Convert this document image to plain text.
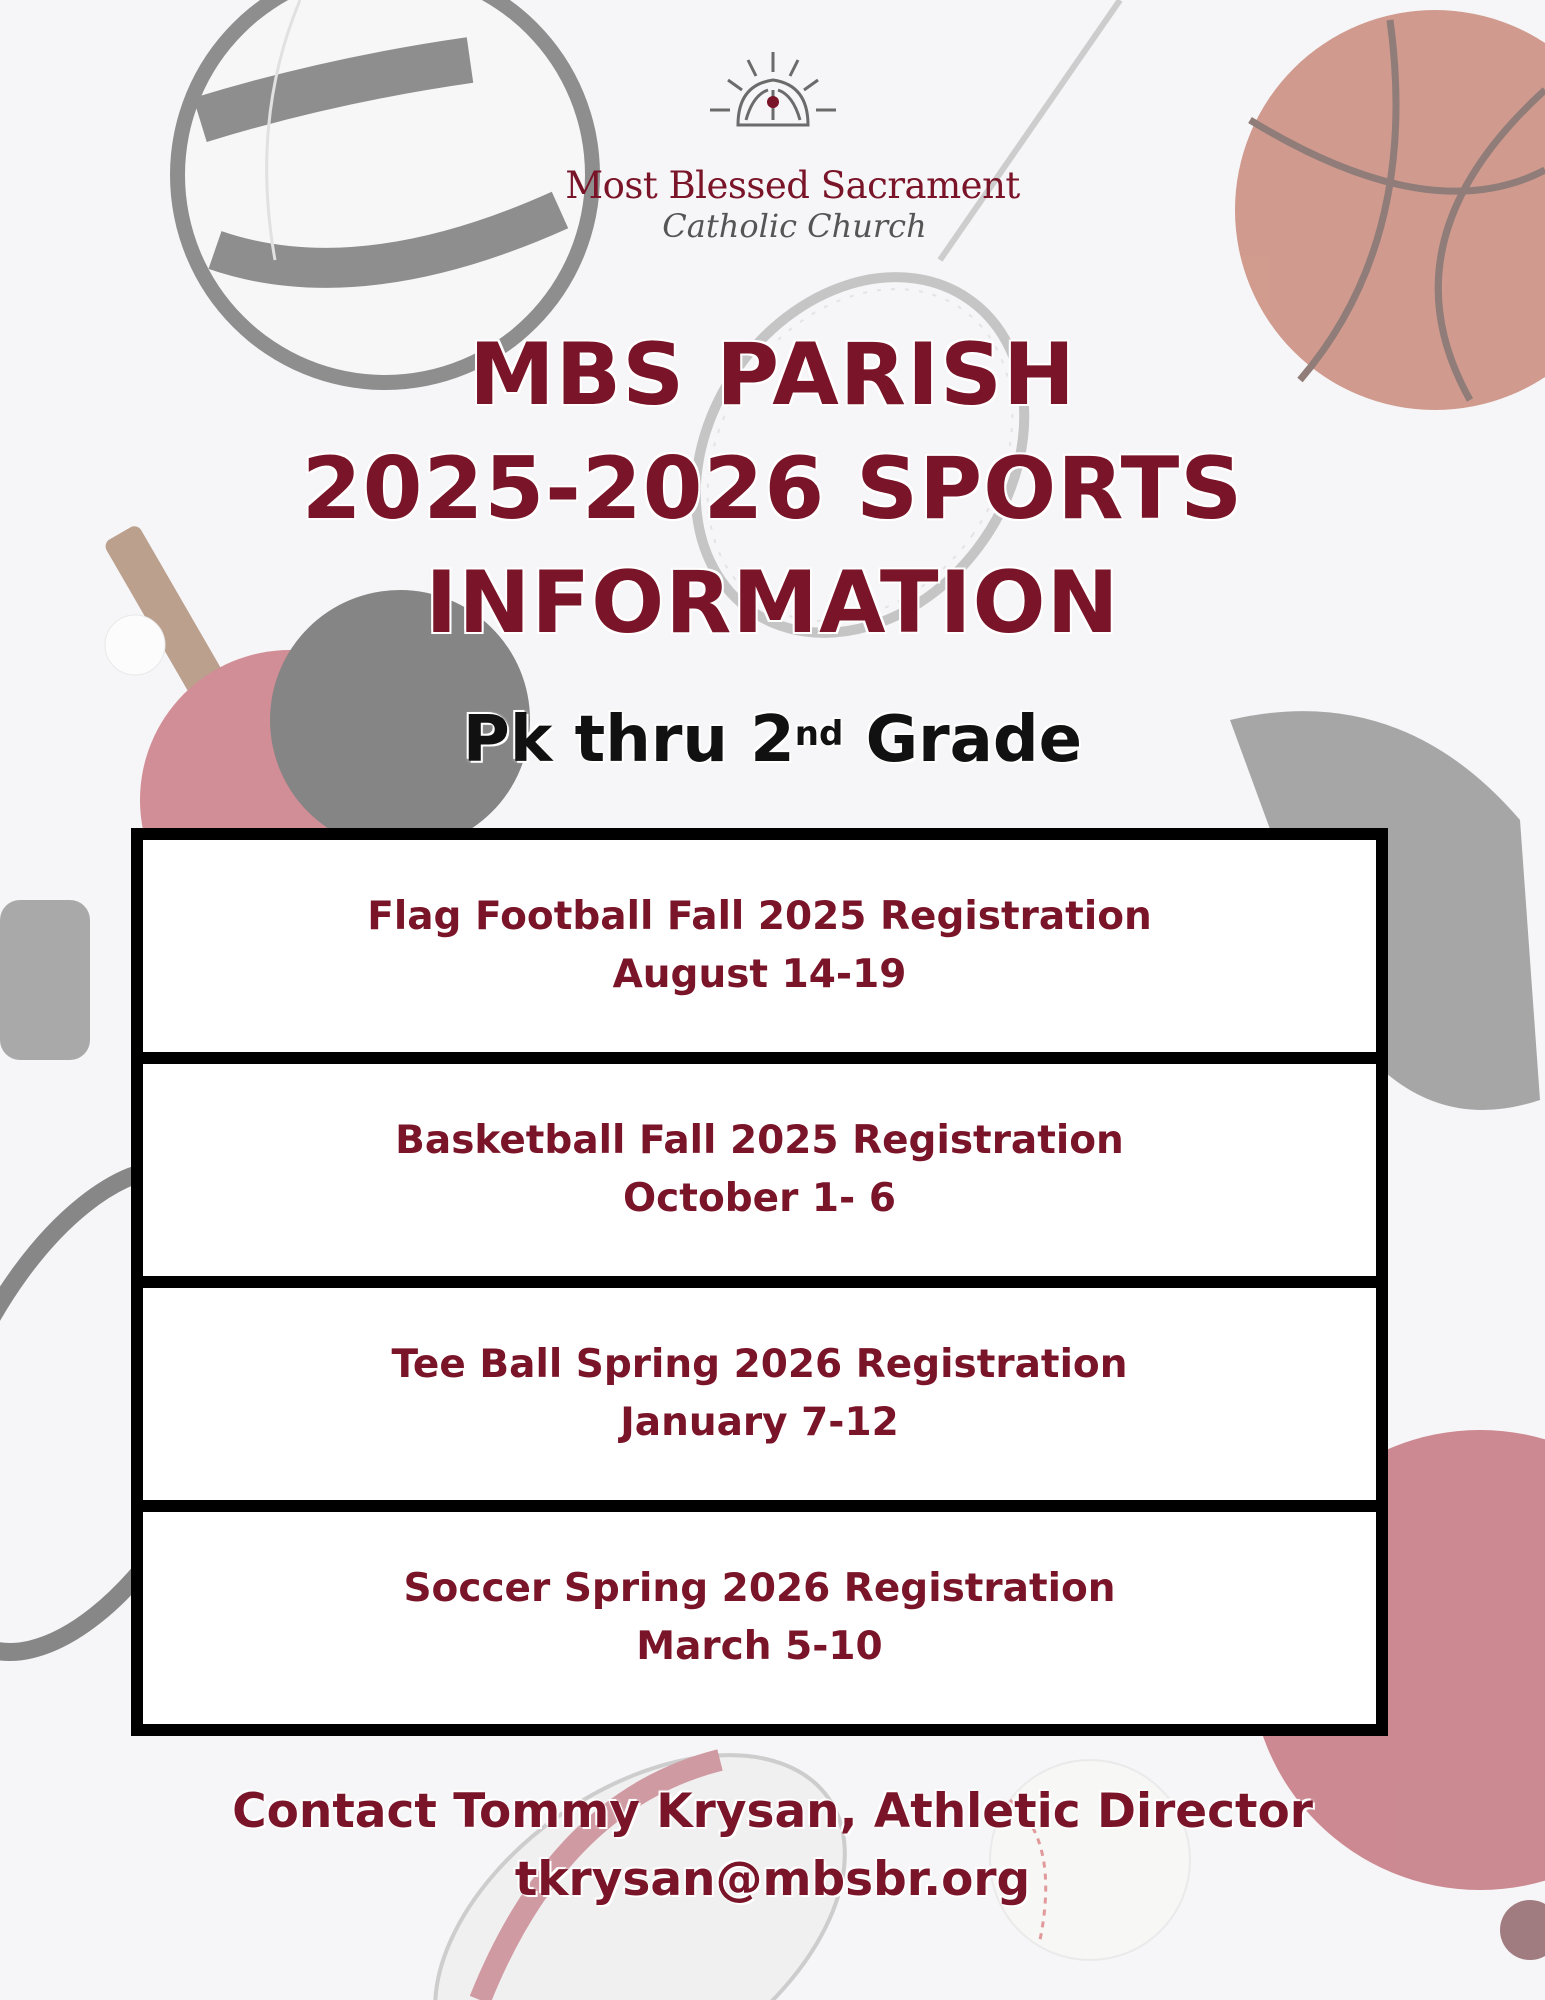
Most Blessed Sacrament
Catholic Church
MBS PARISH
2025-2026 SPORTS
INFORMATION
Pk thru 2nd Grade
Flag Football Fall 2025 Registration
August 14-19
Basketball Fall 2025 Registration
October 1- 6
Tee Ball Spring 2026 Registration
January 7-12
Soccer Spring 2026 Registration
March 5-10
Contact Tommy Krysan, Athletic Director
tkrysan@mbsbr.org
